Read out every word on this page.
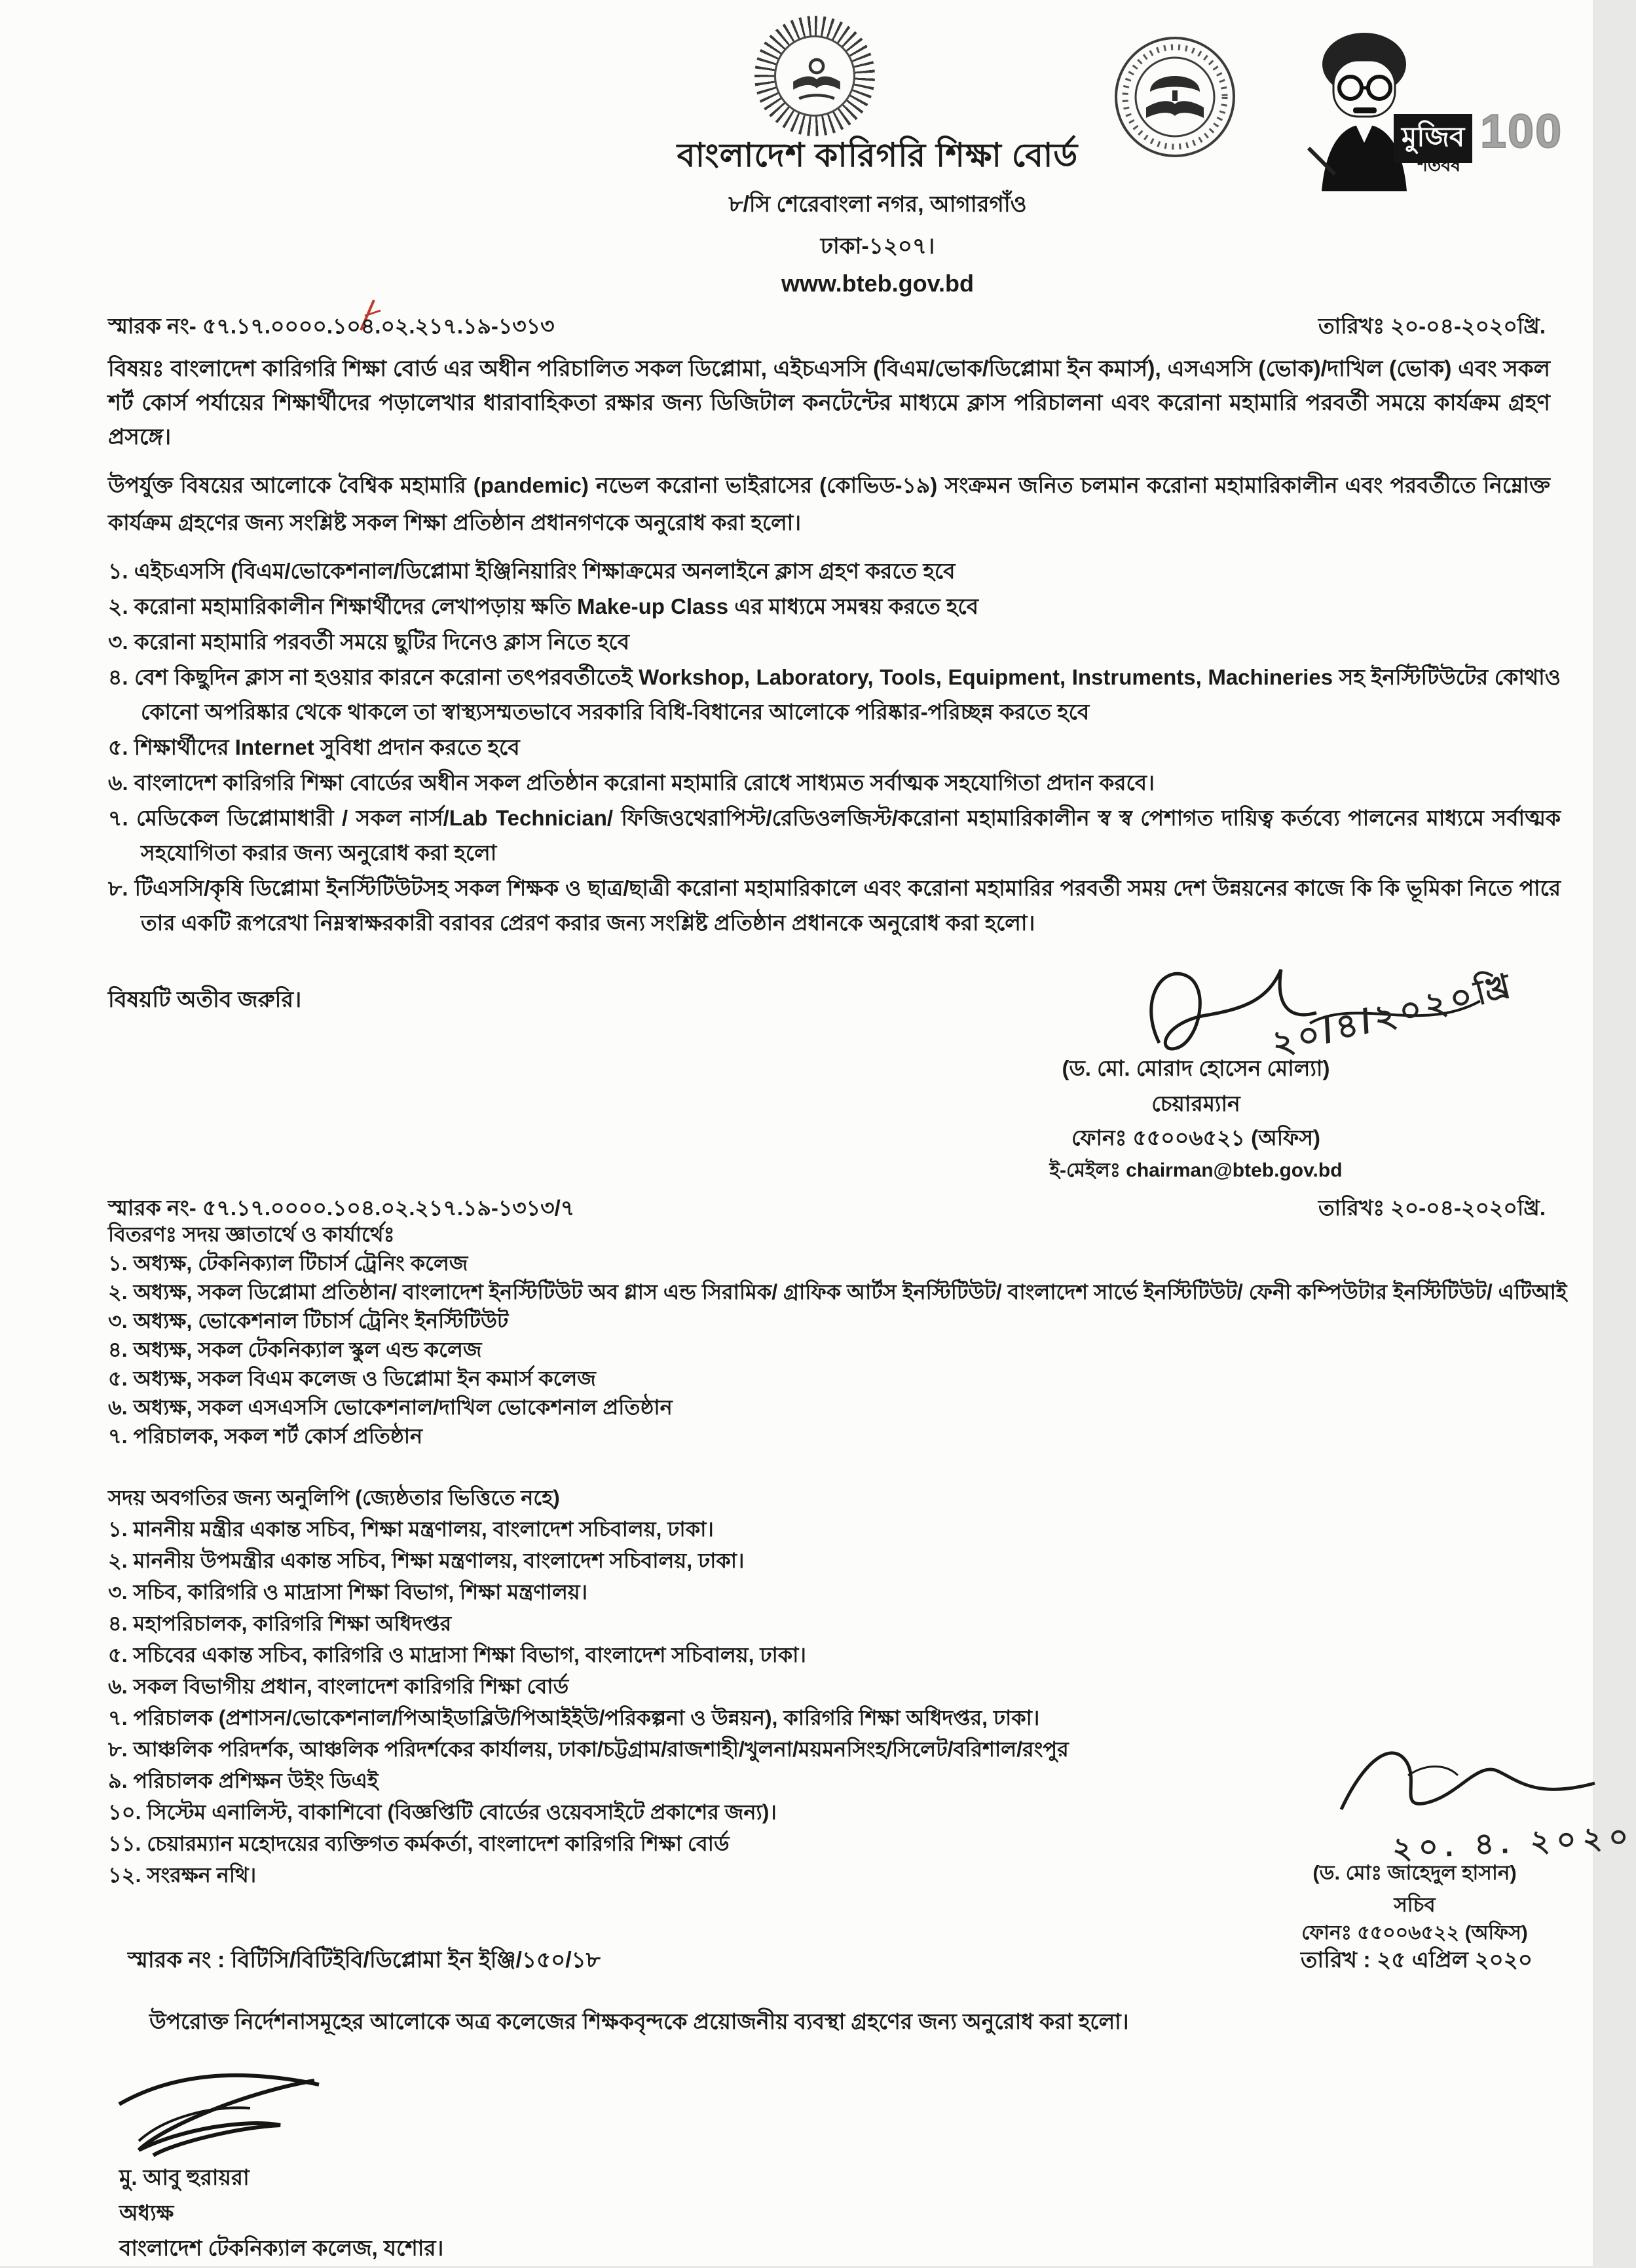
বাংলাদেশ কারিগরি শিক্ষা বোর্ড
৮/সি শেরেবাংলা নগর, আগারগাঁও
ঢাকা-১২০৭।
www.bteb.gov.bd
মুজিব
শতবর্ষ
100
স্মারক নং- ৫৭.১৭.০০০০.১০৪.০২.২১৭.১৯-১৩১৩	তারিখঃ ২০-০৪-২০২০খ্রি.
বিষয়ঃ বাংলাদেশ কারিগরি শিক্ষা বোর্ড এর অধীন পরিচালিত সকল ডিপ্লোমা, এইচএসসি (বিএম/ভোক/ডিপ্লোমা ইন কমার্স), এসএসসি (ভোক)/দাখিল (ভোক) এবং সকল শর্ট কোর্স পর্যায়ের শিক্ষার্থীদের পড়ালেখার ধারাবাহিকতা রক্ষার জন্য ডিজিটাল কনটেন্টের মাধ্যমে ক্লাস পরিচালনা এবং করোনা মহামারি পরবর্তী সময়ে কার্যক্রম গ্রহণ প্রসঙ্গে।
উপর্যুক্ত বিষয়ের আলোকে বৈশ্বিক মহামারি (pandemic) নভেল করোনা ভাইরাসের (কোভিড-১৯) সংক্রমন জনিত চলমান করোনা মহামারিকালীন এবং পরবর্তীতে নিম্নোক্ত কার্যক্রম গ্রহণের জন্য সংশ্লিষ্ট সকল শিক্ষা প্রতিষ্ঠান প্রধানগণকে অনুরোধ করা হলো।
১. এইচএসসি (বিএম/ভোকেশনাল/ডিপ্লোমা ইঞ্জিনিয়ারিং শিক্ষাক্রমের অনলাইনে ক্লাস গ্রহণ করতে হবে
২. করোনা মহামারিকালীন শিক্ষার্থীদের লেখাপড়ায় ক্ষতি Make-up Class এর মাধ্যমে সমন্বয় করতে হবে
৩. করোনা মহামারি পরবর্তী সময়ে ছুটির দিনেও ক্লাস নিতে হবে
৪. বেশ কিছুদিন ক্লাস না হওয়ার কারনে করোনা তৎপরবর্তীতেই Workshop, Laboratory, Tools, Equipment, Instruments, Machineries সহ ইনস্টিটিউটের কোথাও কোনো অপরিষ্কার থেকে থাকলে তা স্বাস্থ্যসম্মতভাবে সরকারি বিধি-বিধানের আলোকে পরিষ্কার-পরিচ্ছন্ন করতে হবে
৫. শিক্ষার্থীদের Internet সুবিধা প্রদান করতে হবে
৬. বাংলাদেশ কারিগরি শিক্ষা বোর্ডের অধীন সকল প্রতিষ্ঠান করোনা মহামারি রোধে সাধ্যমত সর্বাত্মক সহযোগিতা প্রদান করবে।
৭. মেডিকেল ডিপ্লোমাধারী / সকল নার্স/Lab Technician/ ফিজিওথেরাপিস্ট/রেডিওলজিস্ট/করোনা মহামারিকালীন স্ব স্ব পেশাগত দায়িত্ব কর্তব্যে পালনের মাধ্যমে সর্বাত্মক সহযোগিতা করার জন্য অনুরোধ করা হলো
৮. টিএসসি/কৃষি ডিপ্লোমা ইনস্টিটিউটসহ সকল শিক্ষক ও ছাত্র/ছাত্রী করোনা মহামারিকালে এবং করোনা মহামারির পরবর্তী সময় দেশ উন্নয়নের কাজে কি কি ভূমিকা নিতে পারে তার একটি রূপরেখা নিম্নস্বাক্ষরকারী বরাবর প্রেরণ করার জন্য সংশ্লিষ্ট প্রতিষ্ঠান প্রধানকে অনুরোধ করা হলো।
বিষয়টি অতীব জরুরি।	২০/৪/২০২০খ্রি
(ড. মো. মোরাদ হোসেন মোল্যা)
চেয়ারম্যান
ফোনঃ ৫৫০০৬৫২১ (অফিস)
ই-মেইলঃ chairman@bteb.gov.bd
স্মারক নং- ৫৭.১৭.০০০০.১০৪.০২.২১৭.১৯-১৩১৩/৭	তারিখঃ ২০-০৪-২০২০খ্রি.
বিতরণঃ সদয় জ্ঞাতার্থে ও কার্যার্থেঃ
১. অধ্যক্ষ, টেকনিক্যাল টিচার্স ট্রেনিং কলেজ
২. অধ্যক্ষ, সকল ডিপ্লোমা প্রতিষ্ঠান/ বাংলাদেশ ইনস্টিটিউট অব গ্লাস এন্ড সিরামিক/ গ্রাফিক আর্টস ইনস্টিটিউট/ বাংলাদেশ সার্ভে ইনস্টিটিউট/ ফেনী কম্পিউটার ইনস্টিটিউট/ এটিআই
৩. অধ্যক্ষ, ভোকেশনাল টিচার্স ট্রেনিং ইনস্টিটিউট
৪. অধ্যক্ষ, সকল টেকনিক্যাল স্কুল এন্ড কলেজ
৫. অধ্যক্ষ, সকল বিএম কলেজ ও ডিপ্লোমা ইন কমার্স কলেজ
৬. অধ্যক্ষ, সকল এসএসসি ভোকেশনাল/দাখিল ভোকেশনাল প্রতিষ্ঠান
৭. পরিচালক, সকল শর্ট কোর্স প্রতিষ্ঠান
সদয় অবগতির জন্য অনুলিপি (জ্যেষ্ঠতার ভিত্তিতে নহে)
১. মাননীয় মন্ত্রীর একান্ত সচিব, শিক্ষা মন্ত্রণালয়, বাংলাদেশ সচিবালয়, ঢাকা।
২. মাননীয় উপমন্ত্রীর একান্ত সচিব, শিক্ষা মন্ত্রণালয়, বাংলাদেশ সচিবালয়, ঢাকা।
৩. সচিব, কারিগরি ও মাদ্রাসা শিক্ষা বিভাগ, শিক্ষা মন্ত্রণালয়।
৪. মহাপরিচালক, কারিগরি শিক্ষা অধিদপ্তর
৫. সচিবের একান্ত সচিব, কারিগরি ও মাদ্রাসা শিক্ষা বিভাগ, বাংলাদেশ সচিবালয়, ঢাকা।
৬. সকল বিভাগীয় প্রধান, বাংলাদেশ কারিগরি শিক্ষা বোর্ড
৭. পরিচালক (প্রশাসন/ভোকেশনাল/পিআইডাব্লিউ/পিআইইউ/পরিকল্পনা ও উন্নয়ন), কারিগরি শিক্ষা অধিদপ্তর, ঢাকা।
৮. আঞ্চলিক পরিদর্শক, আঞ্চলিক পরিদর্শকের কার্যালয়, ঢাকা/চট্টগ্রাম/রাজশাহী/খুলনা/ময়মনসিংহ/সিলেট/বরিশাল/রংপুর
৯. পরিচালক প্রশিক্ষন উইং ডিএই
১০. সিস্টেম এনালিস্ট, বাকাশিবো (বিজ্ঞপ্তিটি বোর্ডের ওয়েবসাইটে প্রকাশের জন্য)।
১১. চেয়ারম্যান মহোদয়ের ব্যক্তিগত কর্মকর্তা, বাংলাদেশ কারিগরি শিক্ষা বোর্ড
১২. সংরক্ষন নথি।
২০. ৪. ২০২০
(ড. মোঃ জাহেদুল হাসান)
সচিব
ফোনঃ ৫৫০০৬৫২২ (অফিস)
স্মারক নং : বিটিসি/বিটিইবি/ডিপ্লোমা ইন ইঞ্জি/১৫০/১৮	তারিখ : ২৫ এপ্রিল ২০২০
উপরোক্ত নির্দেশনাসমূহের আলোকে অত্র কলেজের শিক্ষকবৃন্দকে প্রয়োজনীয় ব্যবস্থা গ্রহণের জন্য অনুরোধ করা হলো।
মু. আবু হুরায়রা
অধ্যক্ষ
বাংলাদেশ টেকনিক্যাল কলেজ, যশোর।
